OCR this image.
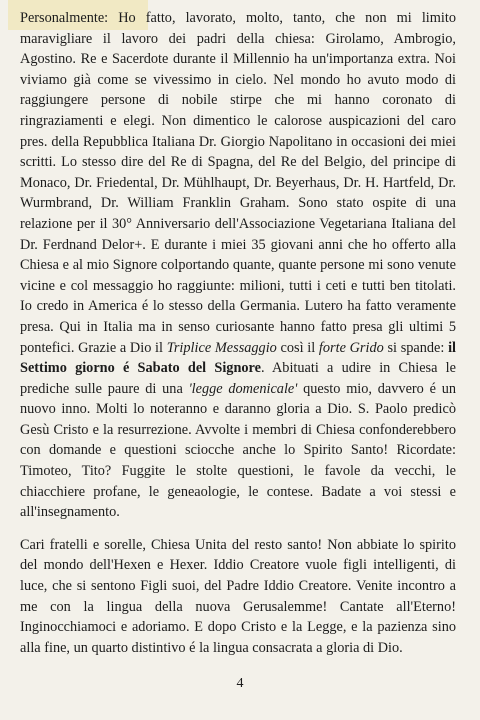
Personalmente: Ho fatto, lavorato, molto, tanto, che non mi limito maravigliare il lavoro dei padri della chiesa: Girolamo, Ambrogio, Agostino. Re e Sacerdote durante il Millennio ha un'importanza extra. Noi viviamo già come se vivessimo in cielo. Nel mondo ho avuto modo di raggiungere persone di nobile stirpe che mi hanno coronato di ringraziamenti e elegi. Non dimentico le calorose auspicazioni del caro pres. della Repubblica Italiana Dr. Giorgio Napolitano in occasioni dei miei scritti. Lo stesso dire del Re di Spagna, del Re del Belgio, del principe di Monaco, Dr. Friedental, Dr. Mühlhaupt, Dr. Beyerhaus, Dr. H. Hartfeld, Dr. Wurmbrand, Dr. William Franklin Graham. Sono stato ospite di una relazione per il 30° Anniversario dell'Associazione Vegetariana Italiana del Dr. Ferdnand Delor+. E durante i miei 35 giovani anni che ho offerto alla Chiesa e al mio Signore colportando quante, quante persone mi sono venute vicine e col messaggio ho raggiunte: milioni, tutti i ceti e tutti ben titolati. Io credo in America é lo stesso della Germania. Lutero ha fatto veramente presa. Qui in Italia ma in senso curiosante hanno fatto presa gli ultimi 5 pontefici. Grazie a Dio il Triplice Messaggio così il forte Grido si spande: il Settimo giorno é Sabato del Signore. Abituati a udire in Chiesa le prediche sulle paure di una 'legge domenicale' questo mio, davvero é un nuovo inno. Molti lo noteranno e daranno gloria a Dio. S. Paolo predicò Gesù Cristo e la resurrezione. Avvolte i membri di Chiesa confonderebbero con domande e questioni sciocche anche lo Spirito Santo! Ricordate: Timoteo, Tito? Fuggite le stolte questioni, le favole da vecchi, le chiacchiere profane, le geneaologie, le contese. Badate a voi stessi e all'insegnamento.

Cari fratelli e sorelle, Chiesa Unita del resto santo! Non abbiate lo spirito del mondo dell'Hexen e Hexer. Iddio Creatore vuole figli intelligenti, di luce, che si sentono Figli suoi, del Padre Iddio Creatore. Venite incontro a me con la lingua della nuova Gerusalemme! Cantate all'Eterno! Inginocchiamoci e adoriamo. E dopo Cristo e la Legge, e la pazienza sino alla fine, un quarto distintivo é la lingua consacrata a gloria di Dio.

4
